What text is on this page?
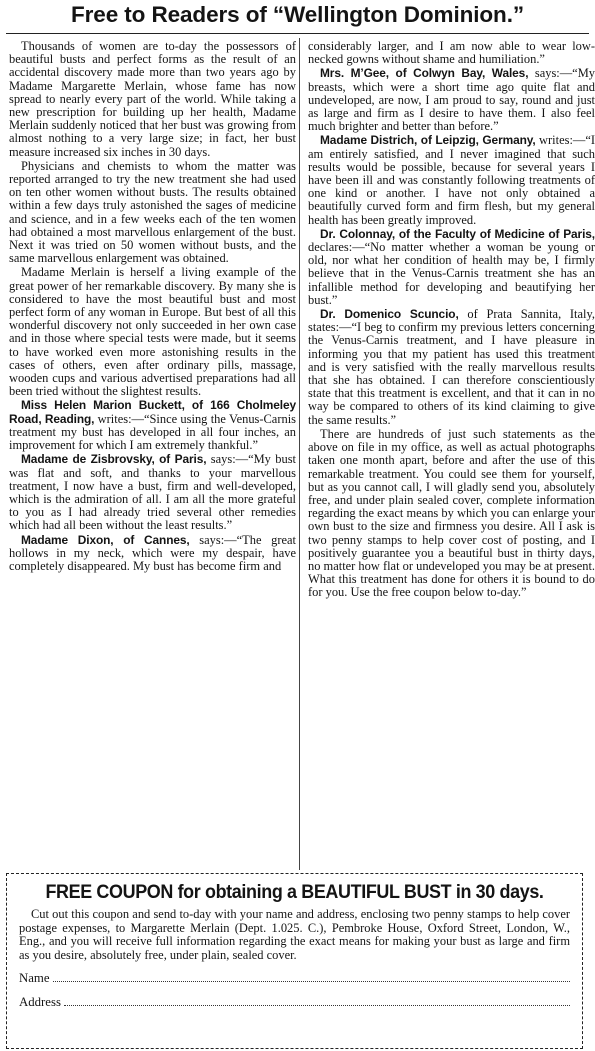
Free to Readers of “Wellington Dominion.”

Thousands of women are to-day the possessors of beautiful busts and perfect forms as the result of an accidental discovery made more than two years ago by Madame Margarette Merlain, whose fame has now spread to nearly every part of the world. While taking a new prescription for building up her health, Madame Merlain suddenly noticed that her bust was growing from almost nothing to a very large size; in fact, her bust measure increased six inches in 30 days.

Physicians and chemists to whom the matter was reported arranged to try the new treatment she had used on ten other women without busts. The results obtained within a few days truly astonished the sages of medicine and science, and in a few weeks each of the ten women had obtained a most marvellous enlargement of the bust. Next it was tried on 50 women without busts, and the same marvellous enlargement was obtained.

Madame Merlain is herself a living example of the great power of her remarkable discovery. By many she is considered to have the most beautiful bust and most perfect form of any woman in Europe. But best of all this wonderful discovery not only succeeded in her own case and in those where special tests were made, but it seems to have worked even more astonishing results in the cases of others, even after ordinary pills, massage, wooden cups and various advertised preparations had all been tried without the slightest results.

Miss Helen Marion Buckett, of 166 Cholmeley Road, Reading, writes:—“Since using the Venus-Carnis treatment my bust has developed in all four inches, an improvement for which I am extremely thankful.”

Madame de Zisbrovsky, of Paris, says:—“My bust was flat and soft, and thanks to your marvellous treatment, I now have a bust, firm and well-developed, which is the admiration of all. I am all the more grateful to you as I had already tried several other remedies which had all been without the least results.”

Madame Dixon, of Cannes, says:—“The great hollows in my neck, which were my despair, have completely disappeared. My bust has become firm and

considerably larger, and I am now able to wear low-necked gowns without shame and humiliation.”

Mrs. M’Gee, of Colwyn Bay, Wales, says:—“My breasts, which were a short time ago quite flat and undeveloped, are now, I am proud to say, round and just as large and firm as I desire to have them. I also feel much brighter and better than before.”

Madame Districh, of Leipzig, Germany, writes:—“I am entirely satisfied, and I never imagined that such results would be possible, because for several years I have been ill and was constantly following treatments of one kind or another. I have not only obtained a beautifully curved form and firm flesh, but my general health has been greatly improved.

Dr. Colonnay, of the Faculty of Medicine of Paris, declares:—“No matter whether a woman be young or old, nor what her condition of health may be, I firmly believe that in the Venus-Carnis treatment she has an infallible method for developing and beautifying her bust.”

Dr. Domenico Scuncio, of Prata Sannita, Italy, states:—“I beg to confirm my previous letters concerning the Venus-Carnis treatment, and I have pleasure in informing you that my patient has used this treatment and is very satisfied with the really marvellous results that she has obtained. I can therefore conscientiously state that this treatment is excellent, and that it can in no way be compared to others of its kind claiming to give the same results.”

There are hundreds of just such statements as the above on file in my office, as well as actual photographs taken one month apart, before and after the use of this remarkable treatment. You could see them for yourself, but as you cannot call, I will gladly send you, absolutely free, and under plain sealed cover, complete information regarding the exact means by which you can enlarge your own bust to the size and firmness you desire. All I ask is two penny stamps to help cover cost of posting, and I positively guarantee you a beautiful bust in thirty days, no matter how flat or undeveloped you may be at present. What this treatment has done for others it is bound to do for you. Use the free coupon below to-day.”

FREE COUPON for obtaining a BEAUTIFUL BUST in 30 days.

Cut out this coupon and send to-day with your name and address, enclosing two penny stamps to help cover postage expenses, to Margarette Merlain (Dept. 1.025. C.), Pembroke House, Oxford Street, London, W., Eng., and you will receive full information regarding the exact means for making your bust as large and firm as you desire, absolutely free, under plain, sealed cover.

Name
Address
